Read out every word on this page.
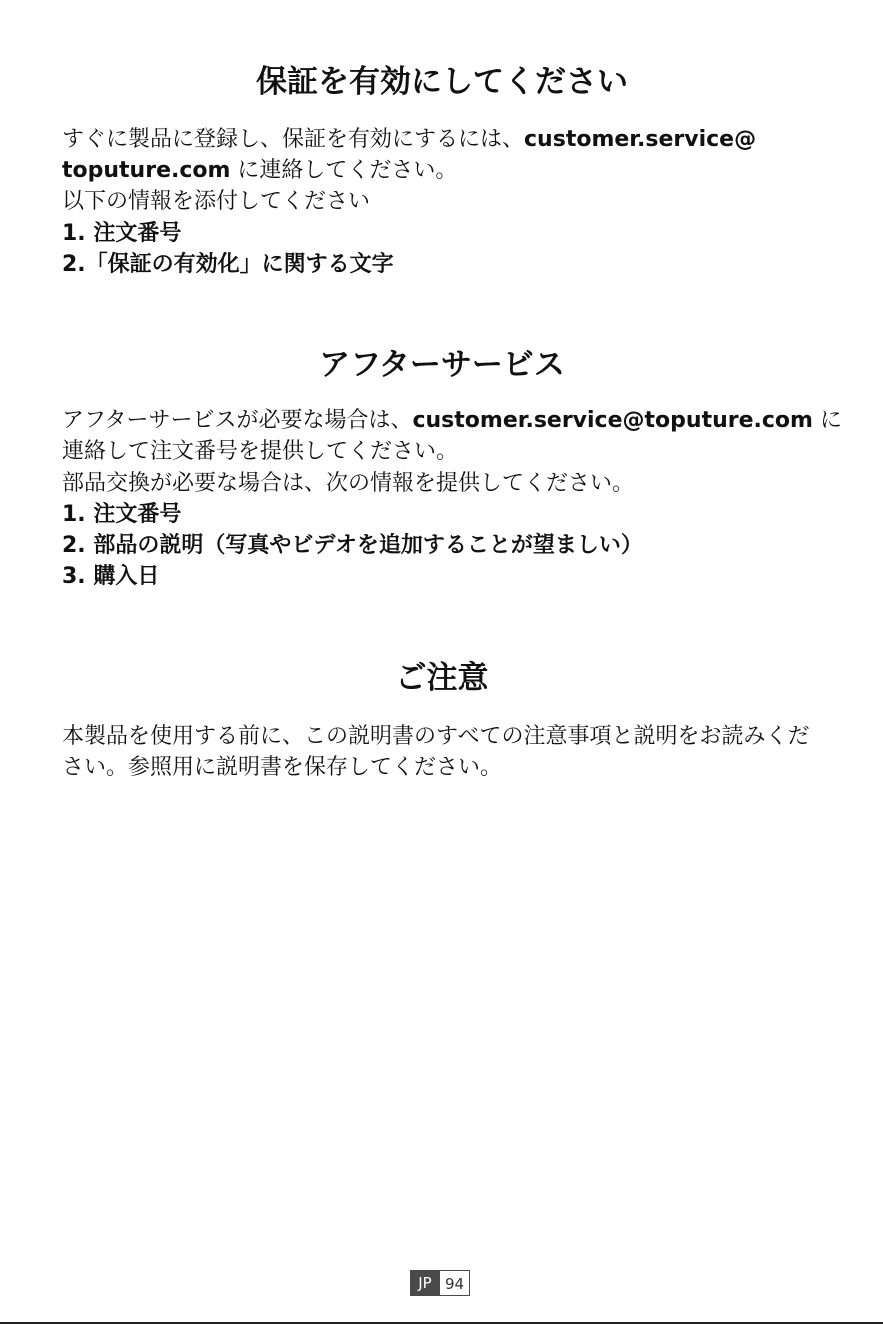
保証を有効にしてください
すぐに製品に登録し、保証を有効にするには、customer.service@
toputure.com に連絡してください。
以下の情報を添付してください
1. 注文番号
2.「保証の有効化」に関する文字
アフターサービス
アフターサービスが必要な場合は、customer.service@toputure.com に
連絡して注文番号を提供してください。
部品交換が必要な場合は、次の情報を提供してください。
1. 注文番号
2. 部品の説明（写真やビデオを追加することが望ましい）
3. 購入日
ご注意
本製品を使用する前に、この説明書のすべての注意事項と説明をお読みくだ
さい。参照用に説明書を保存してください。
JP 94
